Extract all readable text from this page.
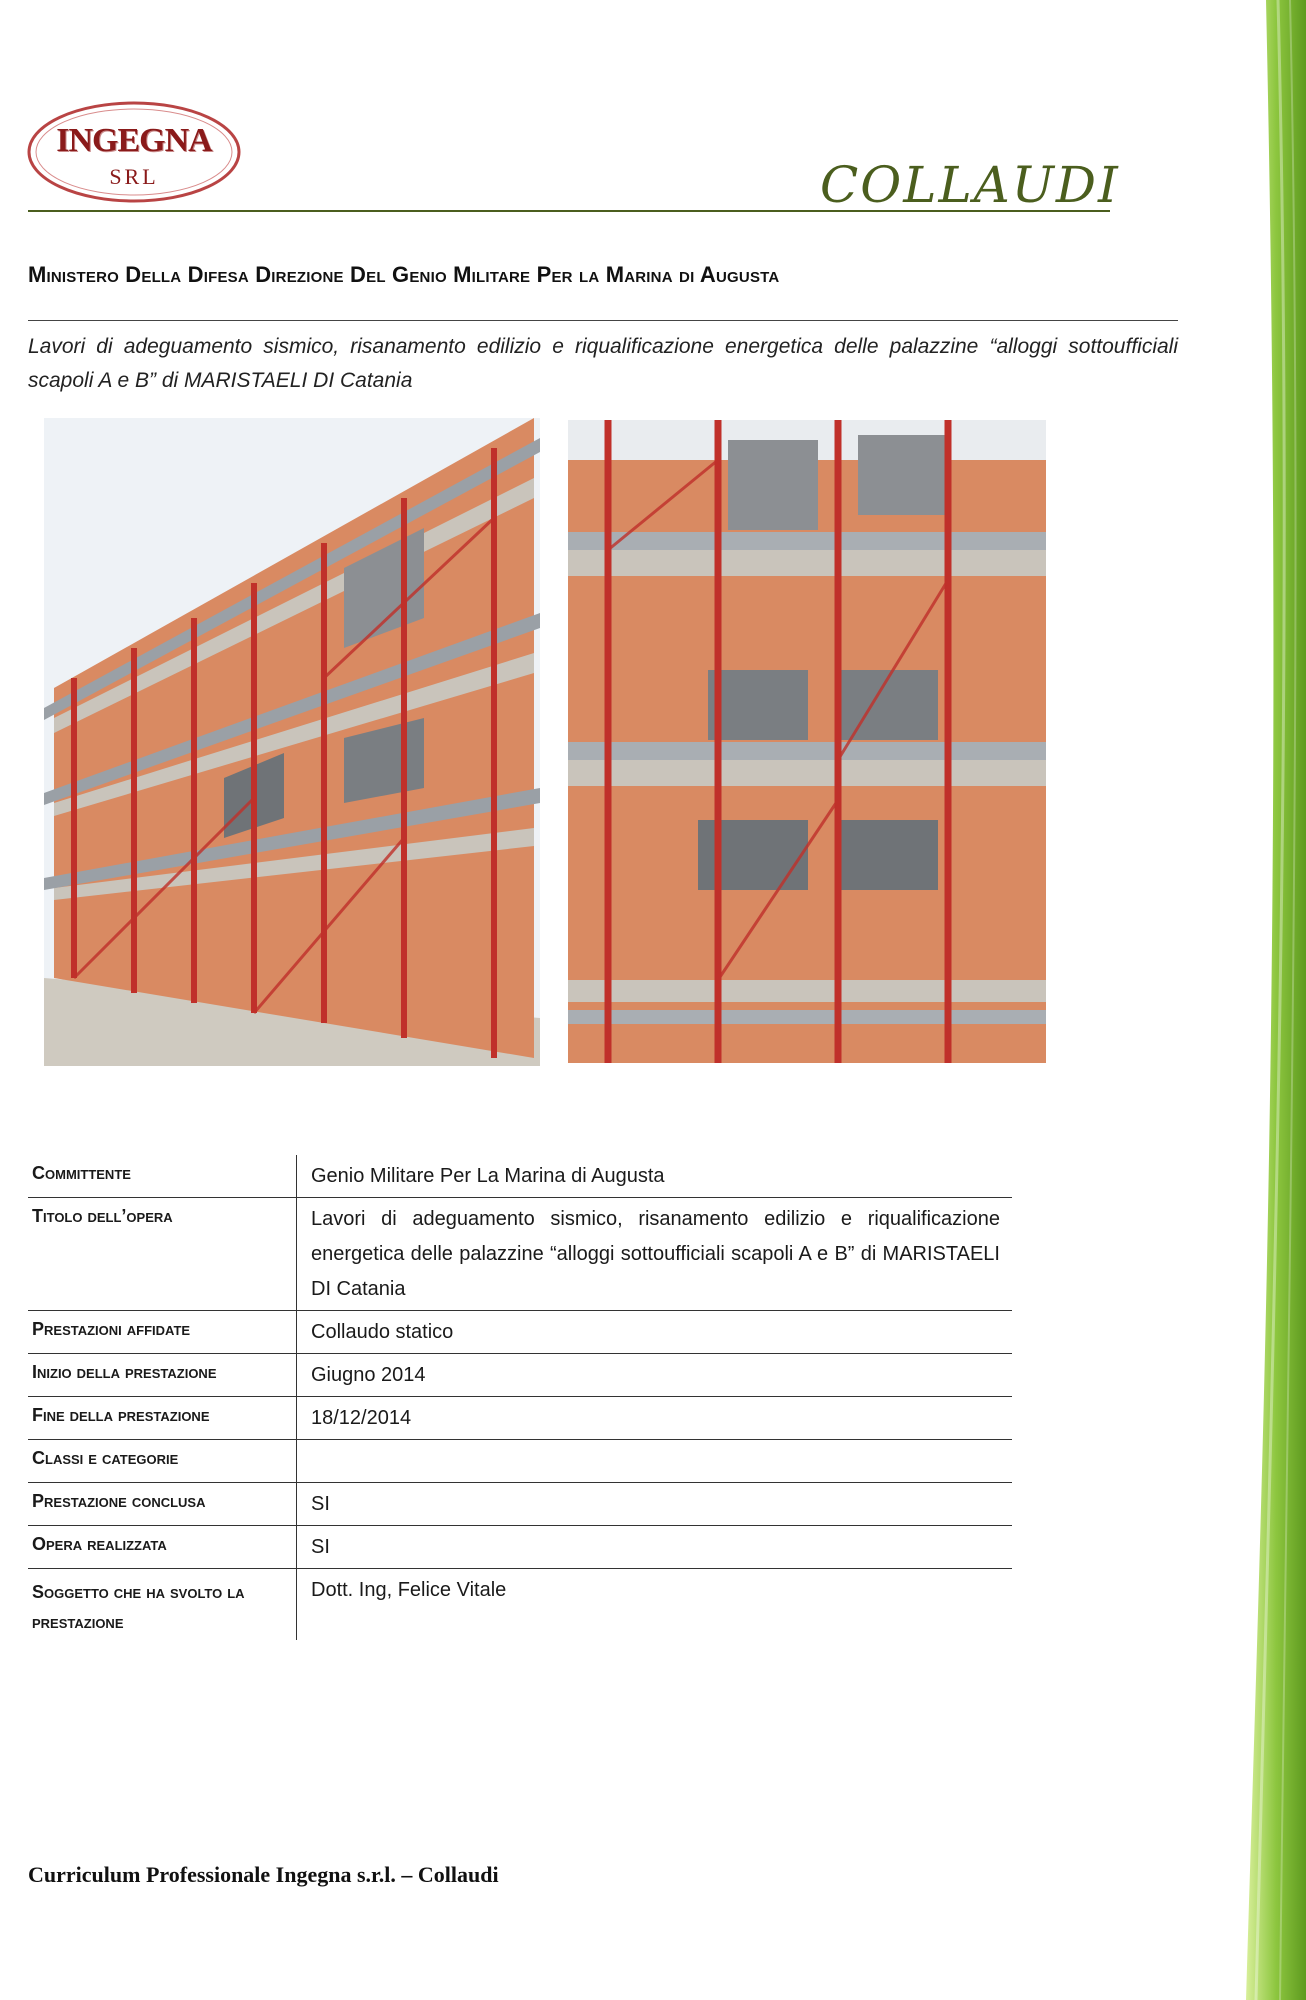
INGEGNA
SRL	COLLAUDI
Ministero Della Difesa Direzione Del Genio Militare Per la Marina di Augusta
Lavori di adeguamento sismico, risanamento edilizio e riqualificazione energetica delle palazzine “alloggi sottoufficiali scapoli A e B” di MARISTAELI DI Catania
Committente	Genio Militare Per La Marina di Augusta
Titolo dell’opera	Lavori di adeguamento sismico, risanamento edilizio e riqualificazione energetica delle palazzine “alloggi sottoufficiali scapoli A e B” di MARISTAELI DI Catania
Prestazioni affidate	Collaudo statico
Inizio della prestazione	Giugno 2014
Fine della prestazione	18/12/2014
Classi e categorie	
Prestazione conclusa	SI
Opera realizzata	SI
Soggetto che ha svolto la prestazione	Dott. Ing, Felice Vitale
Curriculum Professionale Ingegna s.r.l. – Collaudi
